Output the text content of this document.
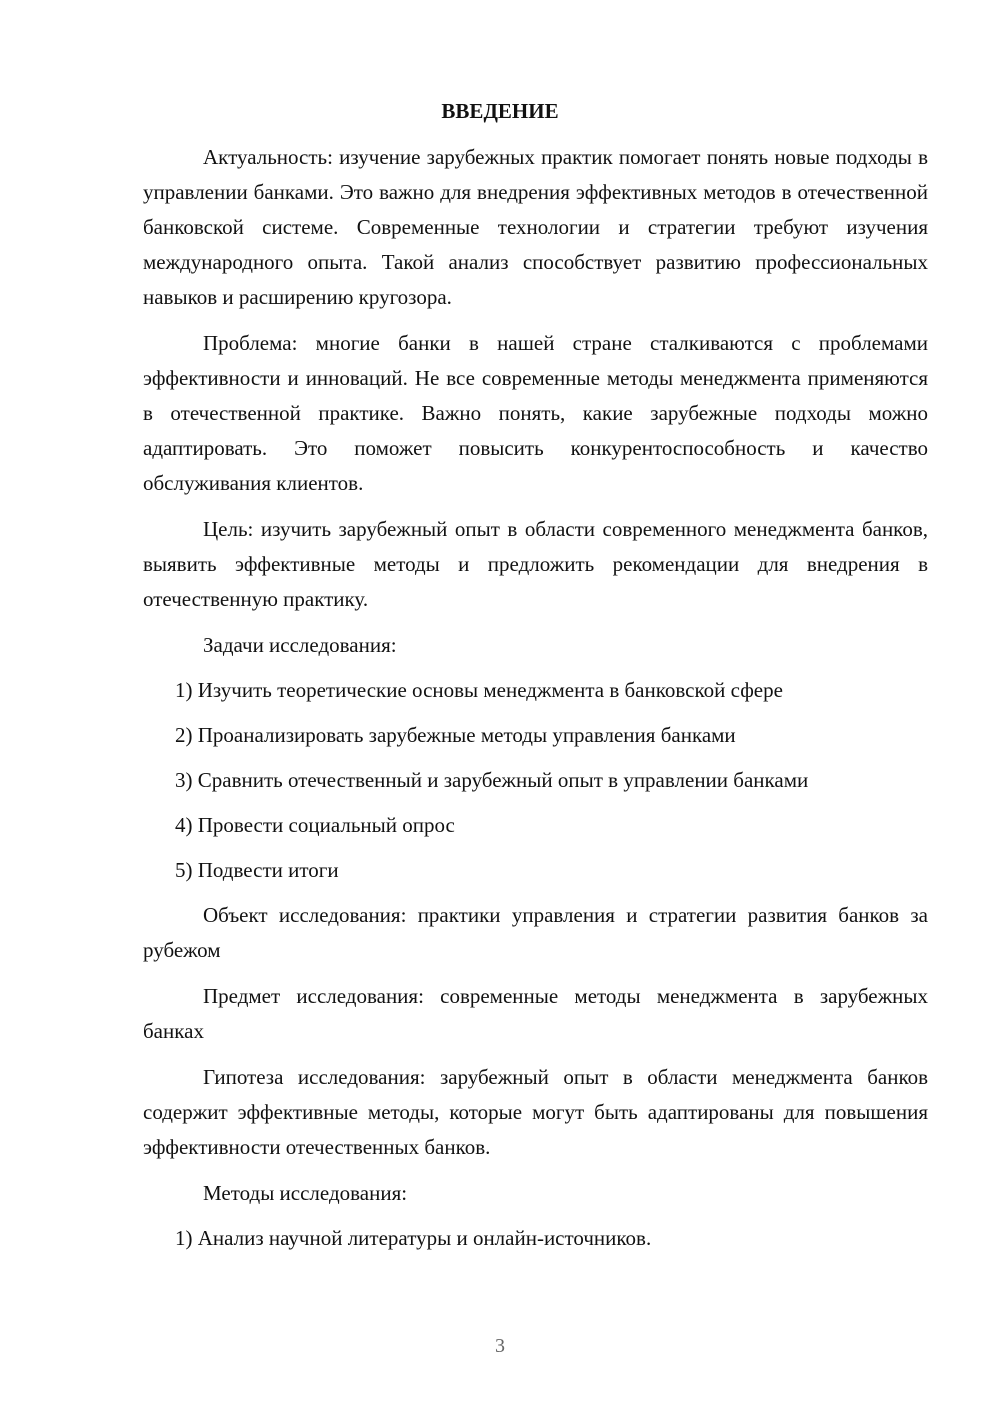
ВВЕДЕНИЕ

Актуальность: изучение зарубежных практик помогает понять новые подходы в управлении банками. Это важно для внедрения эффективных методов в отечественной банковской системе. Современные технологии и стратегии требуют изучения международного опыта. Такой анализ способствует развитию профессиональных навыков и расширению кругозора.

Проблема: многие банки в нашей стране сталкиваются с проблемами эффективности и инноваций. Не все современные методы менеджмента применяются в отечественной практике. Важно понять, какие зарубежные подходы можно адаптировать. Это поможет повысить конкурентоспособность и качество обслуживания клиентов.

Цель: изучить зарубежный опыт в области современного менеджмента банков, выявить эффективные методы и предложить рекомендации для внедрения в отечественную практику.

Задачи исследования:

1) Изучить теоретические основы менеджмента в банковской сфере
2) Проанализировать зарубежные методы управления банками
3) Сравнить отечественный и зарубежный опыт в управлении банками
4) Провести социальный опрос
5) Подвести итоги

Объект исследования: практики управления и стратегии развития банков за рубежом

Предмет исследования: современные методы менеджмента в зарубежных банках

Гипотеза исследования: зарубежный опыт в области менеджмента банков содержит эффективные методы, которые могут быть адаптированы для повышения эффективности отечественных банков.

Методы исследования:

1) Анализ научной литературы и онлайн-источников.
3
